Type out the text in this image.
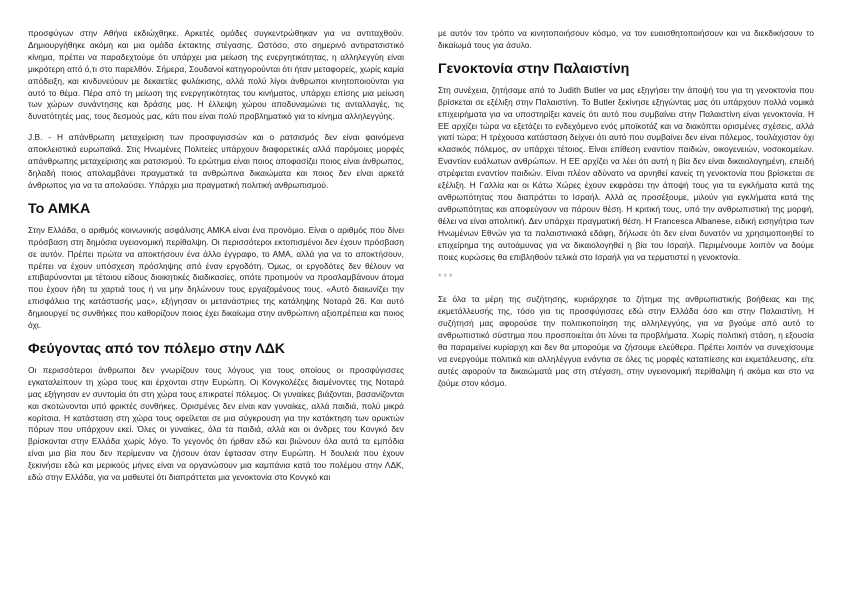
προσφύγων στην Αθήνα εκδιώχθηκε. Αρκετές ομάδες συγκεντρώθηκαν για να αντιταχθούν. Δημιουργήθηκε ακόμη και μια ομάδα έκτακτης στέγασης. Ωστόσο, στο σημερινό αντιρατσιστικό κίνημα, πρέπει να παραδεχτούμε ότι υπάρχει μια μείωση της ενεργητικότητας, η αλληλεγγύη είναι μικρότερη από ό,τι στο παρελθόν. Σήμερα, Σουδανοί κατηγορούνται ότι ήταν μεταφορείς, χωρίς καμία απόδειξη, και κινδυνεύουν με δεκαετίες φυλάκισης, αλλά πολύ λίγοι άνθρωποι κινητοποιούνται για αυτό το θέμα. Πέρα από τη μείωση της ενεργητικότητας του κινήματος, υπάρχει επίσης μια μείωση των χώρων συνάντησης και δράσης μας. Η έλλειψη χώρου αποδυναμώνει τις ανταλλαγές, τις δυνατότητές μας, τους δεσμούς μας, κάτι που είναι πολύ προβληματικό για το κίνημα αλληλεγγύης.

J.B. - Η απάνθρωπη μεταχείριση των προσφυγισσών και ο ρατσισμός δεν είναι φαινόμενα αποκλειστικά ευρωπαϊκά. Στις Ηνωμένες Πολιτείες υπάρχουν διαφορετικές αλλά παρόμοιες μορφές απάνθρωπης μεταχείρισης και ρατσισμού. Το ερώτημα είναι ποιος αποφασίζει ποιος είναι άνθρωπος, δηλαδή ποιος απολαμβάνει πραγματικά τα ανθρώπινα δικαιώματα και ποιος δεν είναι αρκετά άνθρωπος για να τα απολαύσει. Υπάρχει μια πραγματική πολιτική ανθρωπισμού.

Το ΑΜΚΑ

Στην Ελλάδα, ο αριθμός κοινωνικής ασφάλισης ΑΜΚΑ είναι ένα προνόμιο. Είναι ο αριθμός που δίνει πρόσβαση στη δημόσια υγειονομική περίθαλψη. Οι περισσότεροι εκτοπισμένοι δεν έχουν πρόσβαση σε αυτόν. Πρέπει πρώτα να αποκτήσουν ένα άλλο έγγραφο, το ΑΜΑ, αλλά για να το αποκτήσουν, πρέπει να έχουν υπόσχεση πρόσληψης από έναν εργοδότη. Όμως, οι εργοδότες δεν θέλουν να επιβαρύνονται με τέτοιου είδους διοικητικές διαδικασίες, οπότε προτιμούν να προσλαμβάνουν άτομα που έχουν ήδη τα χαρτιά τους ή να μην δηλώνουν τους εργαζομένους τους. «Αυτό διαιωνίζει την επισφάλεια της κατάστασής μας», εξήγησαν οι μετανάστριες της κατάληψης Νοταρά 26. Και αυτό δημιουργεί τις συνθήκες που καθορίζουν ποιος έχει δικαίωμα στην ανθρώπινη αξιοπρέπεια και ποιος όχι.

Φεύγοντας από τον πόλεμο στην ΛΔΚ

Οι περισσότεροι άνθρωποι δεν γνωρίζουν τους λόγους για τους οποίους οι προσφύγισσες εγκαταλείπουν τη χώρα τους και έρχονται στην Ευρώπη. Οι Κονγκολέζες διαμένοντες της Νοταρά μας εξήγησαν εν συντομία ότι στη χώρα τους επικρατεί πόλεμος. Οι γυναίκες βιάζονται, βασανίζονται και σκοτώνονται υπό φρικτές συνθήκες. Ορισμένες δεν είναι καν γυναίκες, αλλά παιδιά, πολύ μικρά κορίτσια. Η κατάσταση στη χώρα τους οφείλεται σε μια σύγκρουση για την κατάκτηση των ορυκτών πόρων που υπάρχουν εκεί. Όλες οι γυναίκες, όλα τα παιδιά, αλλά και οι άνδρες του Κονγκό δεν βρίσκονται στην Ελλάδα χωρίς λόγο. Το γεγονός ότι ήρθαν εδώ και βιώνουν όλα αυτά τα εμπόδια είναι μια βία που δεν περίμεναν να ζήσουν όταν έφτασαν στην Ευρώπη. Η δουλειά που έχουν ξεκινήσει εδώ και μερικούς μήνες είναι να οργανώσουν μια καμπάνια κατά του πολέμου στην ΛΔΚ, εδώ στην Ελλάδα, για να μαθευτεί ότι διαπράττεται μια γενοκτονία στο Κονγκό και

με αυτόν τον τρόπο να κινητοποιήσουν κόσμο, να τον ευαισθητοποιήσουν και να διεκδικήσουν το δικαίωμά τους για άσυλο.

Γενοκτονία στην Παλαιστίνη

Στη συνέχεια, ζητήσαμε από το Judith Butler να μας εξηγήσει την άποψή του για τη γενοκτονία που βρίσκεται σε εξέλιξη στην Παλαιστίνη. Το Butler ξεκίνησε εξηγώντας μας ότι υπάρχουν πολλά νομικά επιχειρήματα για να υποστηρίξει κανείς ότι αυτό που συμβαίνει στην Παλαιστίνη είναι γενοκτονία. Η ΕΕ αρχίζει τώρα να εξετάζει το ενδεχόμενο ενός μποϊκοτάζ και να διακόπτει ορισμένες σχέσεις, αλλά γιατί τώρα; Η τρέχουσα κατάσταση δείχνει ότι αυτό που συμβαίνει δεν είναι πόλεμος, τουλάχιστον όχι κλασικός πόλεμος, αν υπάρχει τέτοιος. Είναι επίθεση εναντίον παιδιών, οικογενειών, νοσοκομείων. Εναντίον ευάλωτων ανθρώπων. Η ΕΕ αρχίζει να λέει ότι αυτή η βία δεν είναι δικαιολογημένη, επειδή στρέφεται εναντίον παιδιών. Είναι πλέον αδύνατο να αρνηθεί κανείς τη γενοκτονία που βρίσκεται σε εξέλιξη. Η Γαλλία και οι Κάτω Χώρες έχουν εκφράσει την άποψή τους για τα εγκλήματα κατά της ανθρωπότητας που διαπράττει το Ισραήλ. Αλλά ας προσέξουμε, μιλούν για εγκλήματα κατά της ανθρωπότητας και αποφεύγουν να πάρουν θέση. Η κριτική τους, υπό την ανθρωπιστική της μορφή, θέλει να είναι απολιτική. Δεν υπάρχει πραγματική θέση. Η Francesca Albanese, ειδική εισηγήτρια των Ηνωμένων Εθνών για τα παλαιστινιακά εδάφη, δήλωσε ότι δεν είναι δυνατόν να χρησιμοποιηθεί το επιχείρημα της αυτοάμυνας για να δικαιολογηθεί η βία του Ισραήλ. Περιμένουμε λοιπόν να δούμε ποιες κυρώσεις θα επιβληθούν τελικά στο Ισραήλ για να τερματιστεί η γενοκτονία.

***

Σε όλα τα μέρη της συζήτησης, κυριάρχησε το ζήτημα της ανθρωπιστικής βοήθειας και της εκμετάλλευσής της, τόσο για τις προσφύγισσες εδώ στην Ελλάδα όσο και στην Παλαιστίνη. Η συζήτησή μας αφορούσε την πολιτικοποίηση της αλληλεγγύης, για να βγούμε από αυτό το ανθρωπιστικό σύστημα που προσποιείται ότι λύνει τα προβλήματα. Χωρίς πολιτική στάση, η εξουσία θα παραμείνει κυρίαρχη και δεν θα μπορούμε να ζήσουμε ελεύθερα. Πρέπει λοιπόν να συνεχίσουμε να ενεργούμε πολιτικά και αλληλέγγυα ενάντια σε όλες τις μορφές καταπίεσης και εκμετάλευσης, είτε αυτές αφορούν τα δικαιώματά μας στη στέγαση, στην υγειονομική περίθαλψη ή ακόμα και στο να ζούμε στον κόσμο.
